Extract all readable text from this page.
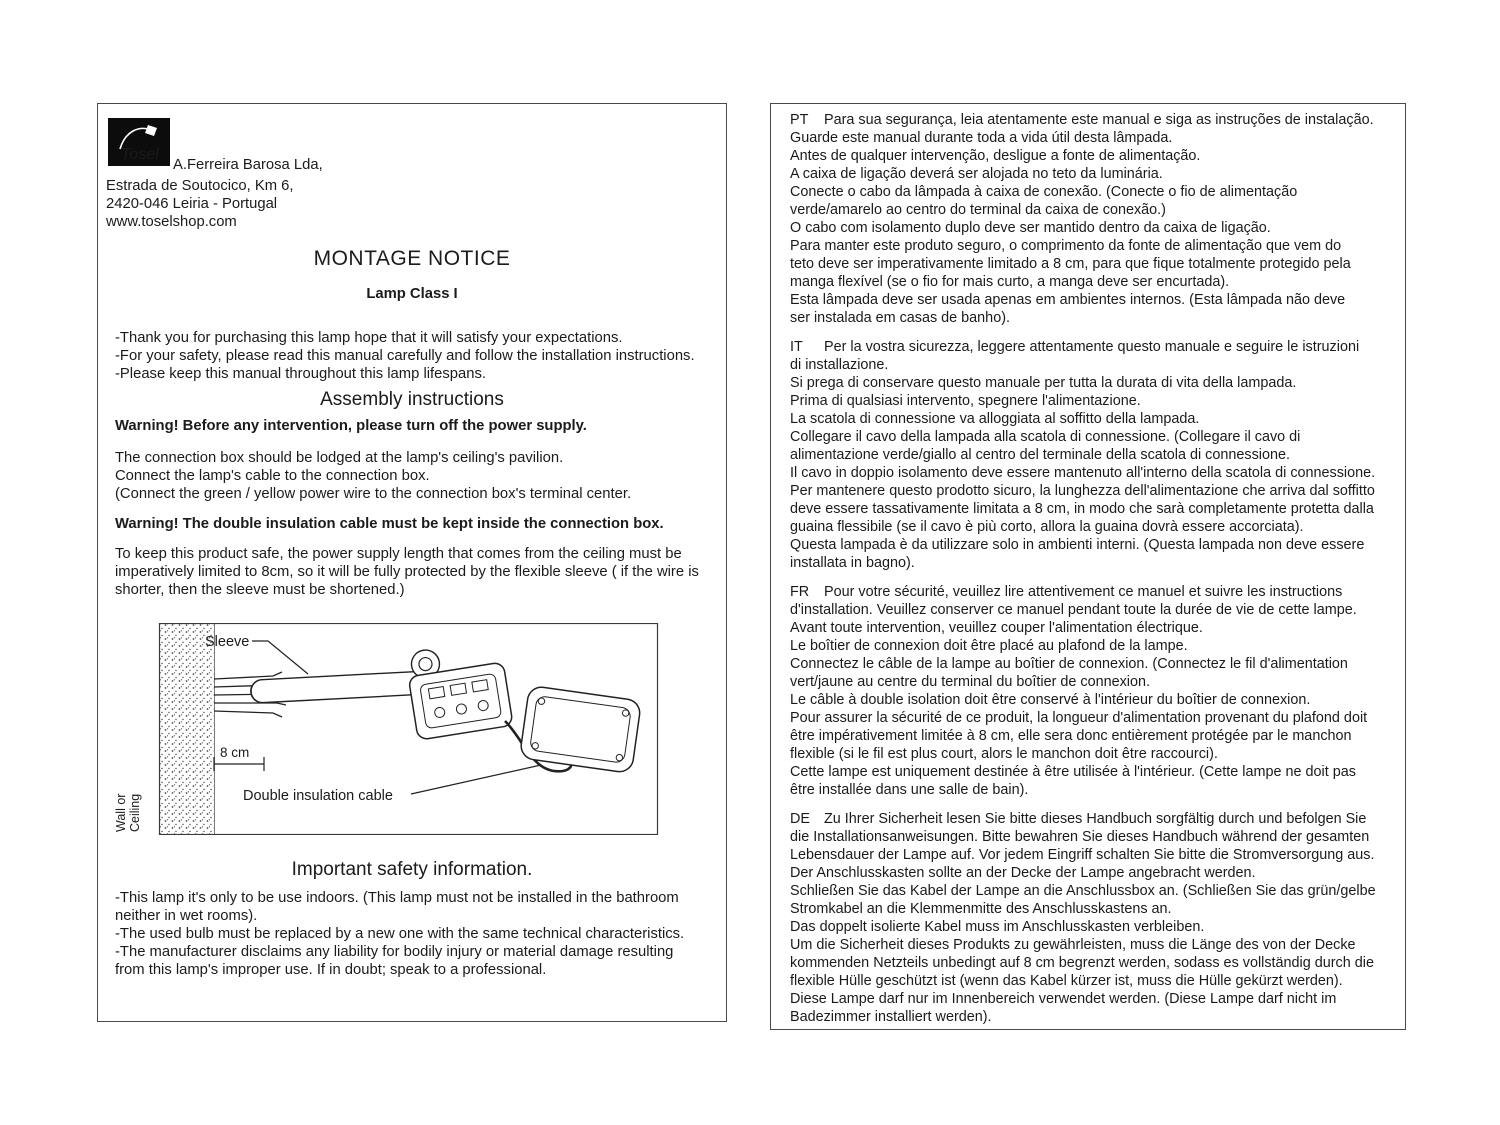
Tosel
A.Ferreira Barosa Lda,
Estrada de Soutocico, Km 6,
2420-046 Leiria - Portugal
www.toselshop.com
MONTAGE NOTICE
Lamp Class I
-Thank you for purchasing this lamp hope that it will satisfy your expectations.
-For your safety, please read this manual carefully and follow the installation instructions.
-Please keep this manual throughout this lamp lifespans.
Assembly instructions
Warning! Before any intervention, please turn off the power supply.
The connection box should be lodged at the lamp's ceiling's pavilion.
Connect the lamp's cable to the connection box.
(Connect the green / yellow power wire to the connection box's terminal center.
Warning! The double insulation cable must be kept inside the connection box.
To keep this product safe, the power supply length that comes from the ceiling must be
imperatively limited to 8cm, so it will be fully protected by the flexible sleeve ( if the wire is
shorter, then the sleeve must be shortened.)
Wall or Ceiling
Sleeve
8 cm
Double insulation cable
Important safety information.
-This lamp it's only to be use indoors. (This lamp must not be installed in the bathroom
neither in wet rooms).
-The used bulb must be replaced by a new one with the same technical characteristics.
-The manufacturer disclaims any liability for bodily injury or material damage resulting
from this lamp's improper use. If in doubt; speak to a professional.
PT	Para sua segurança, leia atentamente este manual e siga as instruções de instalação.
Guarde este manual durante toda a vida útil desta lâmpada.
Antes de qualquer intervenção, desligue a fonte de alimentação.
A caixa de ligação deverá ser alojada no teto da luminária.
Conecte o cabo da lâmpada à caixa de conexão. (Conecte o fio de alimentação
verde/amarelo ao centro do terminal da caixa de conexão.)
O cabo com isolamento duplo deve ser mantido dentro da caixa de ligação.
Para manter este produto seguro, o comprimento da fonte de alimentação que vem do
teto deve ser imperativamente limitado a 8 cm, para que fique totalmente protegido pela
manga flexível (se o fio for mais curto, a manga deve ser encurtada).
Esta lâmpada deve ser usada apenas em ambientes internos. (Esta lâmpada não deve
ser instalada em casas de banho).
IT	Per la vostra sicurezza, leggere attentamente questo manuale e seguire le istruzioni
di installazione.
Si prega di conservare questo manuale per tutta la durata di vita della lampada.
Prima di qualsiasi intervento, spegnere l'alimentazione.
La scatola di connessione va alloggiata al soffitto della lampada.
Collegare il cavo della lampada alla scatola di connessione. (Collegare il cavo di
alimentazione verde/giallo al centro del terminale della scatola di connessione.
Il cavo in doppio isolamento deve essere mantenuto all'interno della scatola di connessione.
Per mantenere questo prodotto sicuro, la lunghezza dell'alimentazione che arriva dal soffitto
deve essere tassativamente limitata a 8 cm, in modo che sarà completamente protetta dalla
guaina flessibile (se il cavo è più corto, allora la guaina dovrà essere accorciata).
Questa lampada è da utilizzare solo in ambienti interni. (Questa lampada non deve essere
installata in bagno).
FR	Pour votre sécurité, veuillez lire attentivement ce manuel et suivre les instructions
d'installation. Veuillez conserver ce manuel pendant toute la durée de vie de cette lampe.
Avant toute intervention, veuillez couper l'alimentation électrique.
Le boîtier de connexion doit être placé au plafond de la lampe.
Connectez le câble de la lampe au boîtier de connexion. (Connectez le fil d'alimentation
vert/jaune au centre du terminal du boîtier de connexion.
Le câble à double isolation doit être conservé à l'intérieur du boîtier de connexion.
Pour assurer la sécurité de ce produit, la longueur d'alimentation provenant du plafond doit
être impérativement limitée à 8 cm, elle sera donc entièrement protégée par le manchon
flexible (si le fil est plus court, alors le manchon doit être raccourci).
Cette lampe est uniquement destinée à être utilisée à l'intérieur. (Cette lampe ne doit pas
être installée dans une salle de bain).
DE Zu Ihrer Sicherheit lesen Sie bitte dieses Handbuch sorgfältig durch und befolgen Sie
die Installationsanweisungen. Bitte bewahren Sie dieses Handbuch während der gesamten
Lebensdauer der Lampe auf. Vor jedem Eingriff schalten Sie bitte die Stromversorgung aus.
Der Anschlusskasten sollte an der Decke der Lampe angebracht werden.
Schließen Sie das Kabel der Lampe an die Anschlussbox an. (Schließen Sie das grün/gelbe
Stromkabel an die Klemmenmitte des Anschlusskastens an.
Das doppelt isolierte Kabel muss im Anschlusskasten verbleiben.
Um die Sicherheit dieses Produkts zu gewährleisten, muss die Länge des von der Decke
kommenden Netzteils unbedingt auf 8 cm begrenzt werden, sodass es vollständig durch die
flexible Hülle geschützt ist (wenn das Kabel kürzer ist, muss die Hülle gekürzt werden).
Diese Lampe darf nur im Innenbereich verwendet werden. (Diese Lampe darf nicht im
Badezimmer installiert werden).
